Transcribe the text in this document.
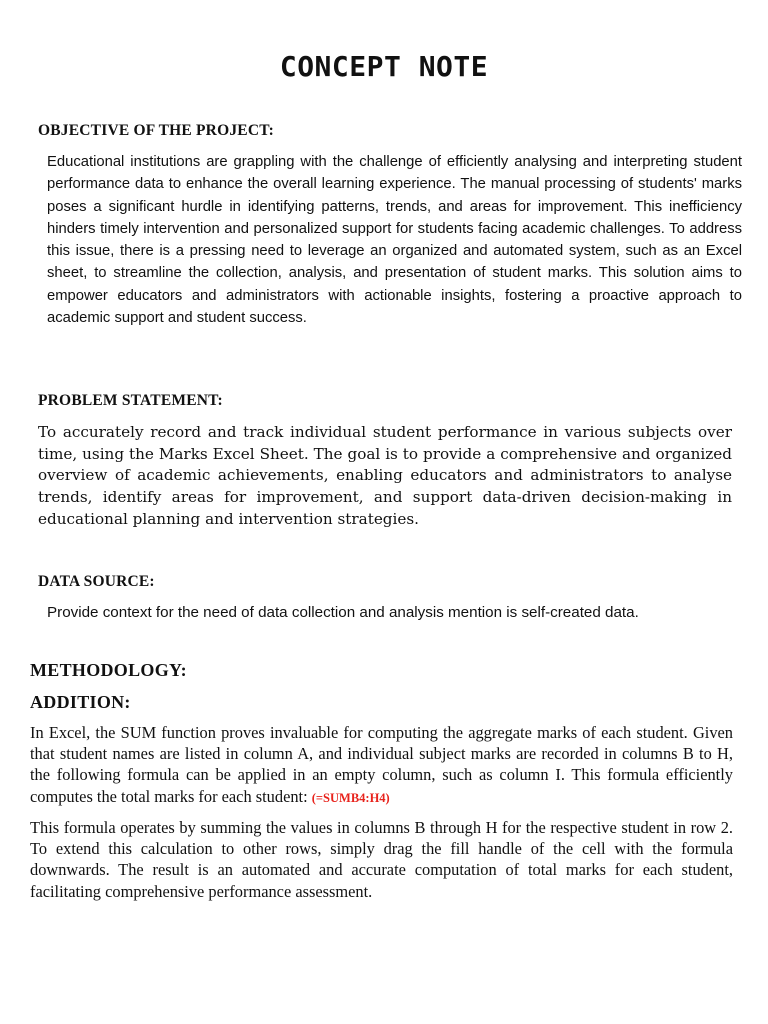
CONCEPT NOTE
OBJECTIVE OF THE PROJECT:

Educational institutions are grappling with the challenge of efficiently analysing and interpreting student performance data to enhance the overall learning experience. The manual processing of students' marks poses a significant hurdle in identifying patterns, trends, and areas for improvement. This inefficiency hinders timely intervention and personalized support for students facing academic challenges. To address this issue, there is a pressing need to leverage an organized and automated system, such as an Excel sheet, to streamline the collection, analysis, and presentation of student marks. This solution aims to empower educators and administrators with actionable insights, fostering a proactive approach to academic support and student success.

PROBLEM STATEMENT:

To accurately record and track individual student performance in various subjects over time, using the Marks Excel Sheet. The goal is to provide a comprehensive and organized overview of academic achievements, enabling educators and administrators to analyse trends, identify areas for improvement, and support data-driven decision-making in educational planning and intervention strategies.

DATA SOURCE:

Provide context for the need of data collection and analysis mention is self-created data.

METHODOLOGY:
ADDITION:

In Excel, the SUM function proves invaluable for computing the aggregate marks of each student. Given that student names are listed in column A, and individual subject marks are recorded in columns B to H, the following formula can be applied in an empty column, such as column I. This formula efficiently computes the total marks for each student: (=SUMB4:H4)

This formula operates by summing the values in columns B through H for the respective student in row 2. To extend this calculation to other rows, simply drag the fill handle of the cell with the formula downwards. The result is an automated and accurate computation of total marks for each student, facilitating comprehensive performance assessment.
